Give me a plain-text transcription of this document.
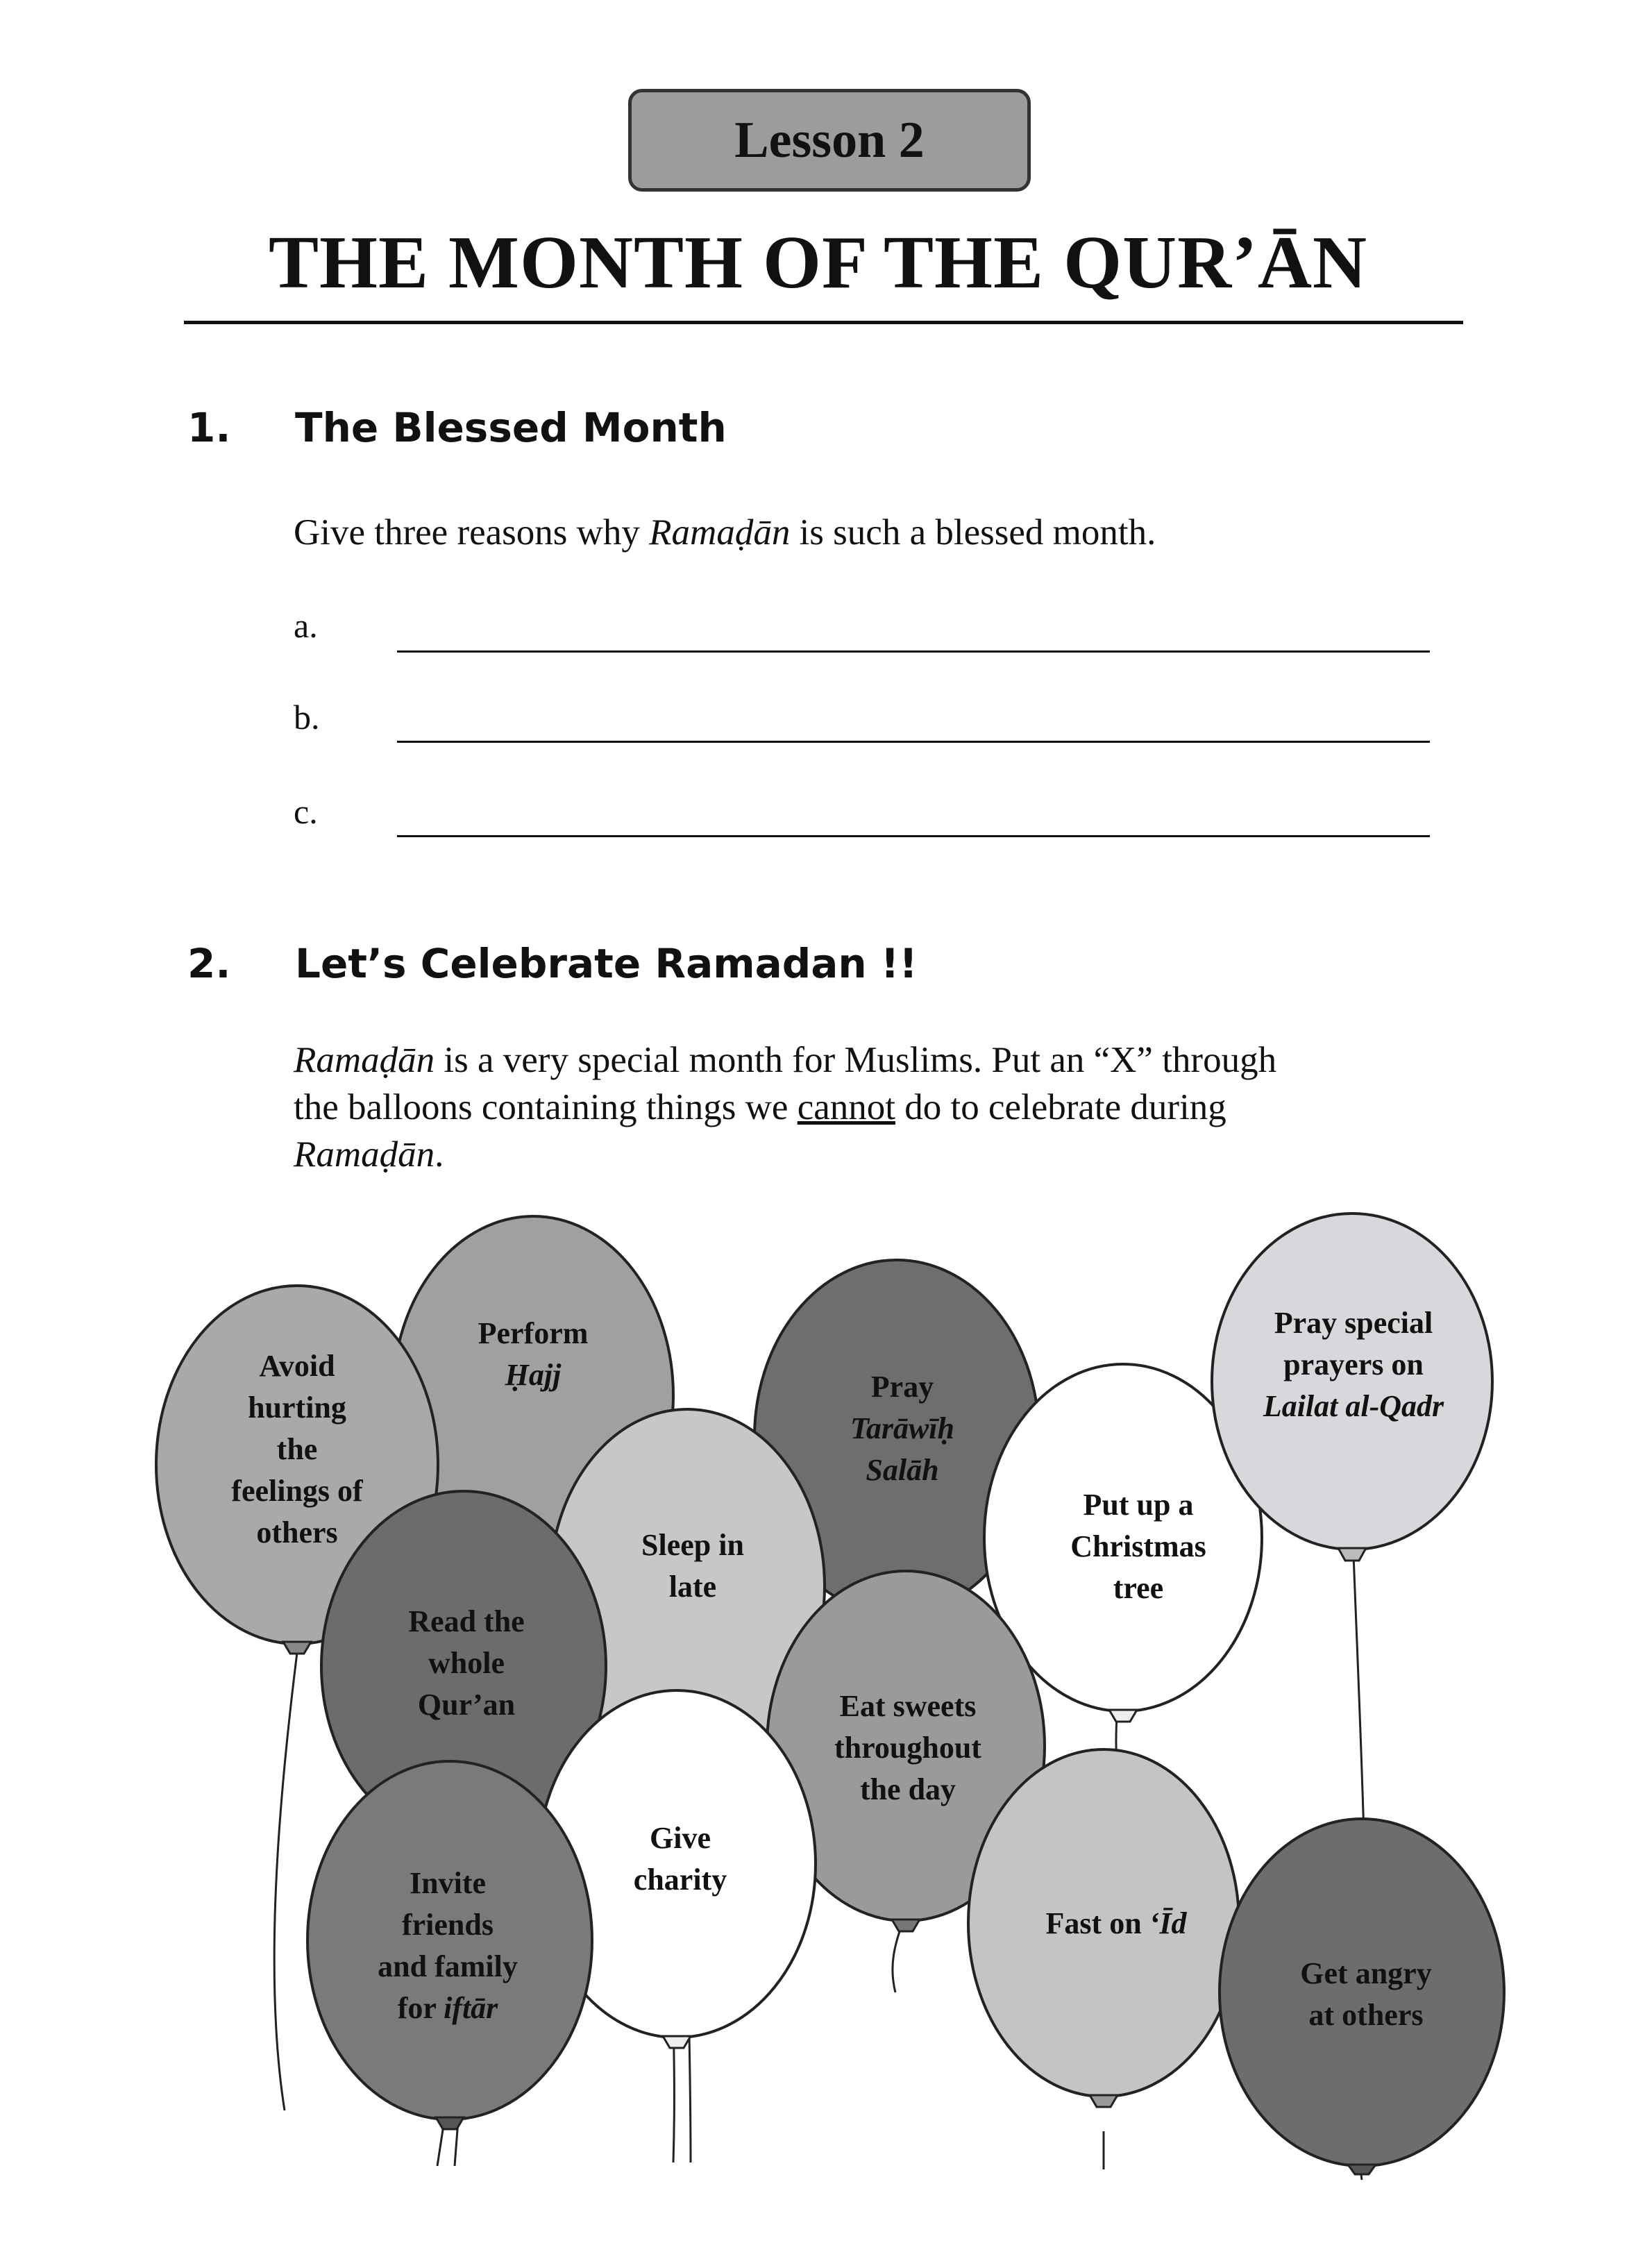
Lesson 2
THE MONTH OF THE QUR’ĀN
1.	The Blessed Month
Give three reasons why Ramaḍān is such a blessed month.
a.
b.
c.
2.	Let’s Celebrate Ramadan !!
Ramaḍān is a very special month for Muslims. Put an “X” through
the balloons containing things we cannot do to celebrate during
Ramaḍān.
Perform
Ḥajj	Pray
Tarāwīḥ
Salāh
Put up a
Christmas
tree
Pray special
prayers on
Lailat al-Qadr
Sleep in
late
Avoid
hurting
the
feelings of
others
Read the
whole
Qur’an	Eat sweets
throughout
the day
Give
charity
Invite
friends
and family
for iftār
Fast on ‘Īd
Get angry
at others
